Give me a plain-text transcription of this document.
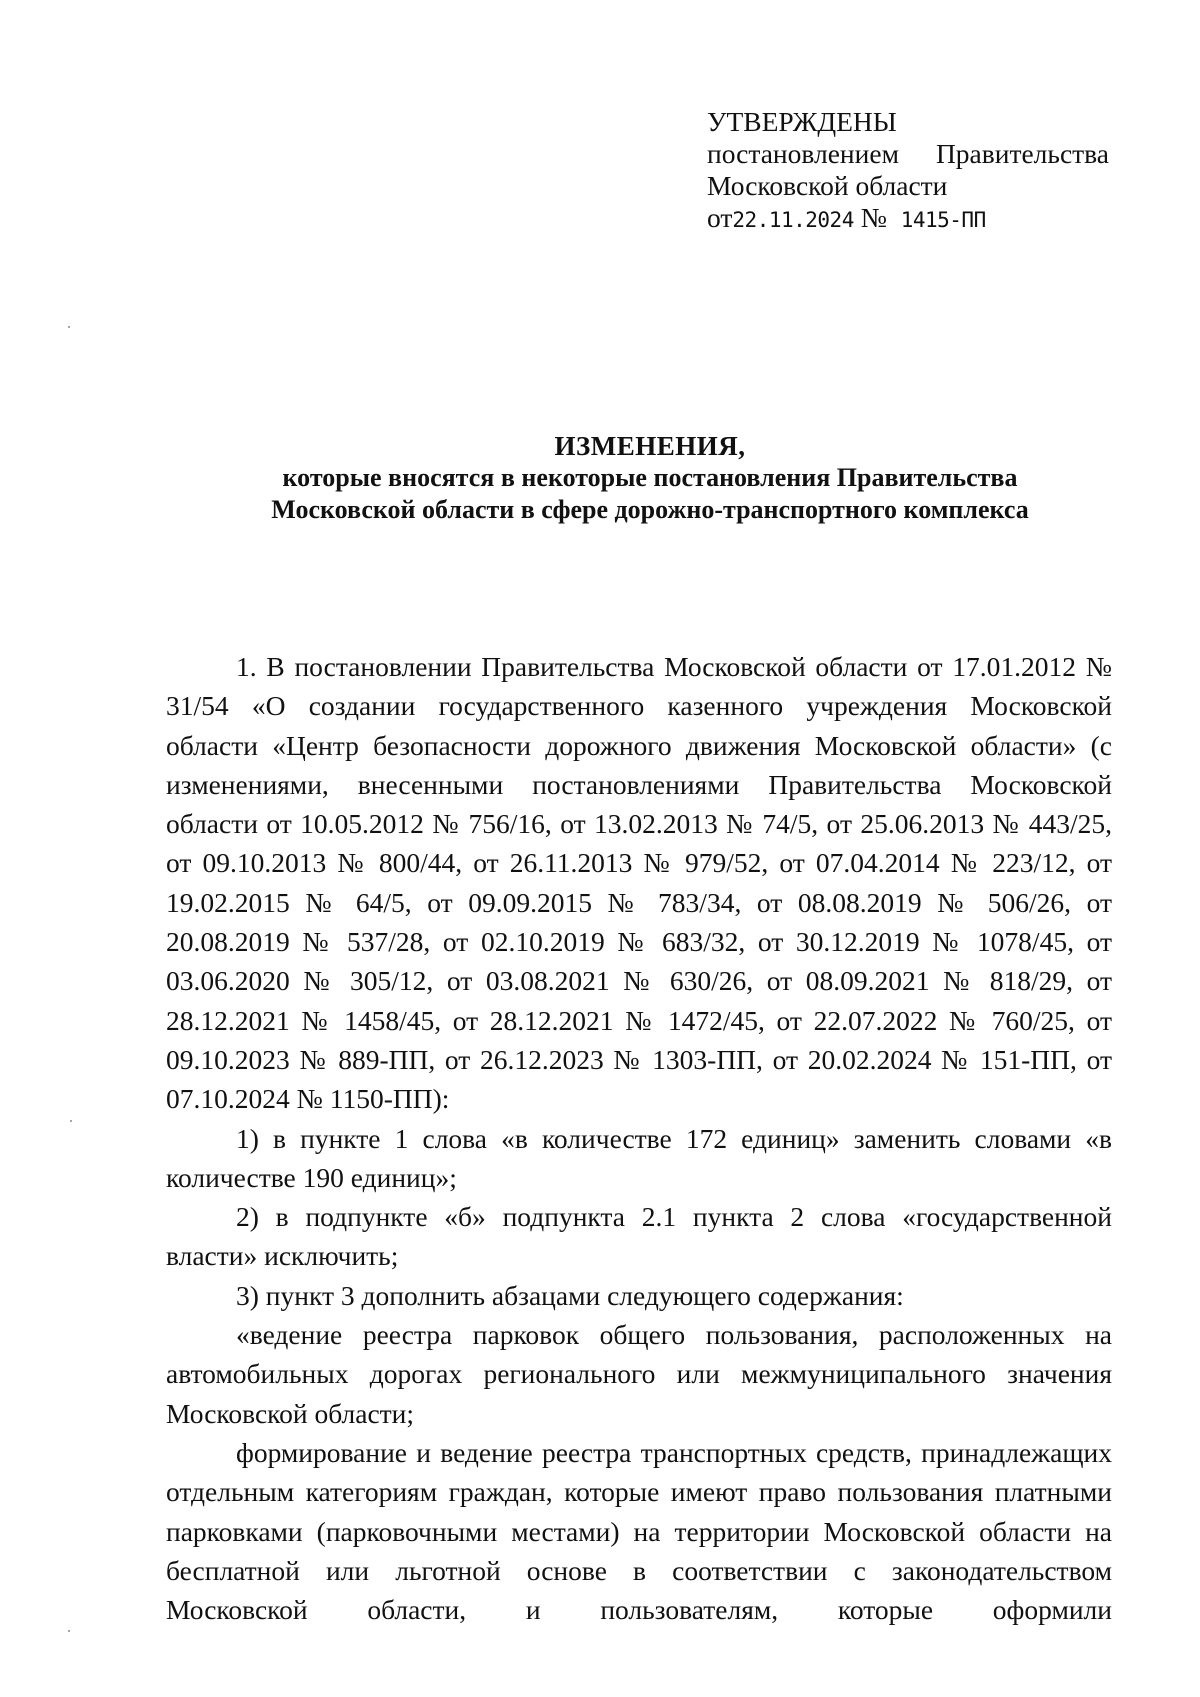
УТВЕРЖДЕНЫ
постановлением Правительства
Московской области
от22.11.2024 № 1415-ПП
ИЗМЕНЕНИЯ,
которые вносятся в некоторые постановления Правительства
Московской области в сфере дорожно-транспортного комплекса

1. В постановлении Правительства Московской области от 17.01.2012 № 31/54 «О создании государственного казенного учреждения Московской области «Центр безопасности дорожного движения Московской области» (с изменениями, внесенными постановлениями Правительства Московской области от 10.05.2012 № 756/16, от 13.02.2013 № 74/5, от 25.06.2013 № 443/25, от 09.10.2013 № 800/44, от 26.11.2013 № 979/52, от 07.04.2014 № 223/12, от 19.02.2015 № 64/5, от 09.09.2015 № 783/34, от 08.08.2019 № 506/26, от 20.08.2019 № 537/28, от 02.10.2019 № 683/32, от 30.12.2019 № 1078/45, от 03.06.2020 № 305/12, от 03.08.2021 № 630/26, от 08.09.2021 № 818/29, от 28.12.2021 № 1458/45, от 28.12.2021 № 1472/45, от 22.07.2022 № 760/25, от 09.10.2023 № 889-ПП, от 26.12.2023 № 1303-ПП, от 20.02.2024 № 151-ПП, от 07.10.2024 № 1150-ПП):

1) в пункте 1 слова «в количестве 172 единиц» заменить словами «в количестве 190 единиц»;

2) в подпункте «б» подпункта 2.1 пункта 2 слова «государственной власти» исключить;

3) пункт 3 дополнить абзацами следующего содержания:

«ведение реестра парковок общего пользования, расположенных на автомобильных дорогах регионального или межмуниципального значения Московской области;

формирование и ведение реестра транспортных средств, принадлежащих отдельным категориям граждан, которые имеют право пользования платными парковками (парковочными местами) на территории Московской области на бесплатной или льготной основе в соответствии с законодательством Московской области, и пользователям, которые оформили
